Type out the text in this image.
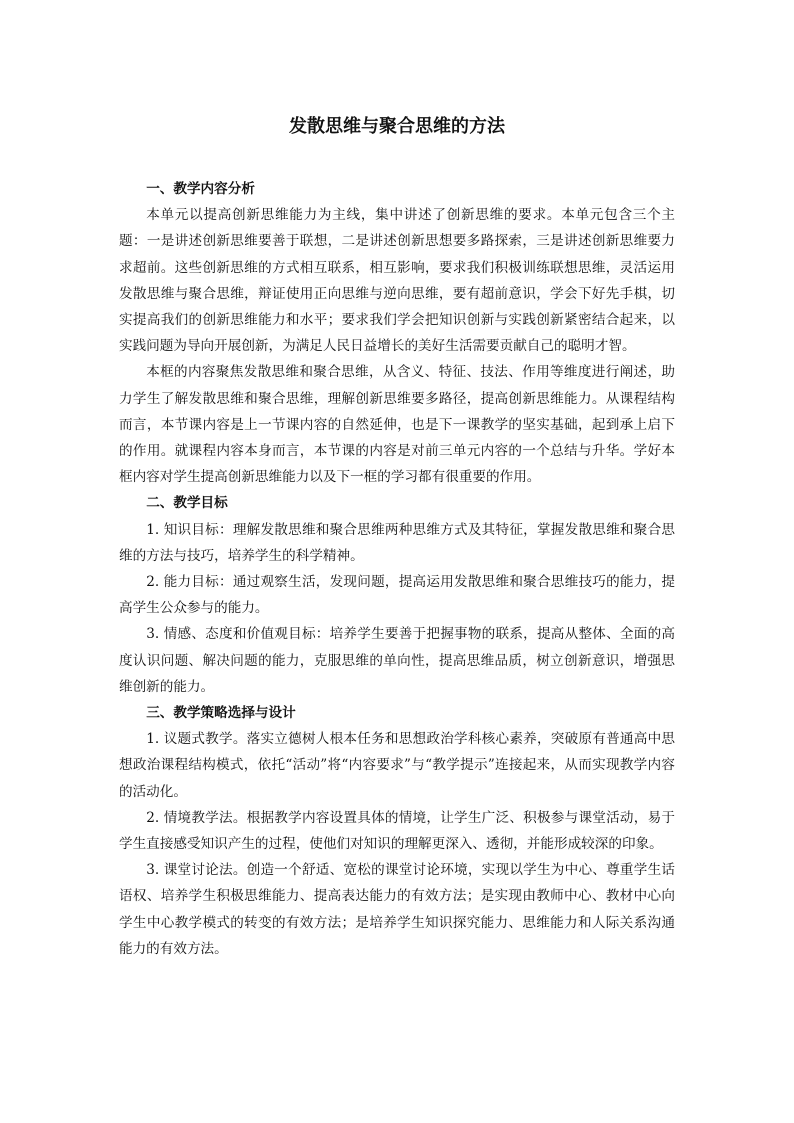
发散思维与聚合思维的方法

一、教学内容分析

本单元以提高创新思维能力为主线，集中讲述了创新思维的要求。本单元包含三个主题：一是讲述创新思维要善于联想，二是讲述创新思想要多路探索，三是讲述创新思维要力求超前。这些创新思维的方式相互联系，相互影响，要求我们积极训练联想思维，灵活运用发散思维与聚合思维，辩证使用正向思维与逆向思维，要有超前意识，学会下好先手棋，切实提高我们的创新思维能力和水平；要求我们学会把知识创新与实践创新紧密结合起来，以实践问题为导向开展创新，为满足人民日益增长的美好生活需要贡献自己的聪明才智。

本框的内容聚焦发散思维和聚合思维，从含义、特征、技法、作用等维度进行阐述，助力学生了解发散思维和聚合思维，理解创新思维要多路径，提高创新思维能力。从课程结构而言，本节课内容是上一节课内容的自然延伸，也是下一课教学的坚实基础，起到承上启下的作用。就课程内容本身而言，本节课的内容是对前三单元内容的一个总结与升华。学好本框内容对学生提高创新思维能力以及下一框的学习都有很重要的作用。

二、教学目标

1. 知识目标：理解发散思维和聚合思维两种思维方式及其特征，掌握发散思维和聚合思维的方法与技巧，培养学生的科学精神。

2. 能力目标：通过观察生活，发现问题，提高运用发散思维和聚合思维技巧的能力，提高学生公众参与的能力。

3. 情感、态度和价值观目标：培养学生要善于把握事物的联系，提高从整体、全面的高度认识问题、解决问题的能力，克服思维的单向性，提高思维品质，树立创新意识，增强思维创新的能力。

三、教学策略选择与设计

1. 议题式教学。落实立德树人根本任务和思想政治学科核心素养，突破原有普通高中思想政治课程结构模式，依托“活动”将“内容要求”与“教学提示”连接起来，从而实现教学内容的活动化。

2. 情境教学法。根据教学内容设置具体的情境，让学生广泛、积极参与课堂活动，易于学生直接感受知识产生的过程，使他们对知识的理解更深入、透彻，并能形成较深的印象。

3. 课堂讨论法。创造一个舒适、宽松的课堂讨论环境，实现以学生为中心、尊重学生话语权、培养学生积极思维能力、提高表达能力的有效方法；是实现由教师中心、教材中心向学生中心教学模式的转变的有效方法；是培养学生知识探究能力、思维能力和人际关系沟通能力的有效方法。
